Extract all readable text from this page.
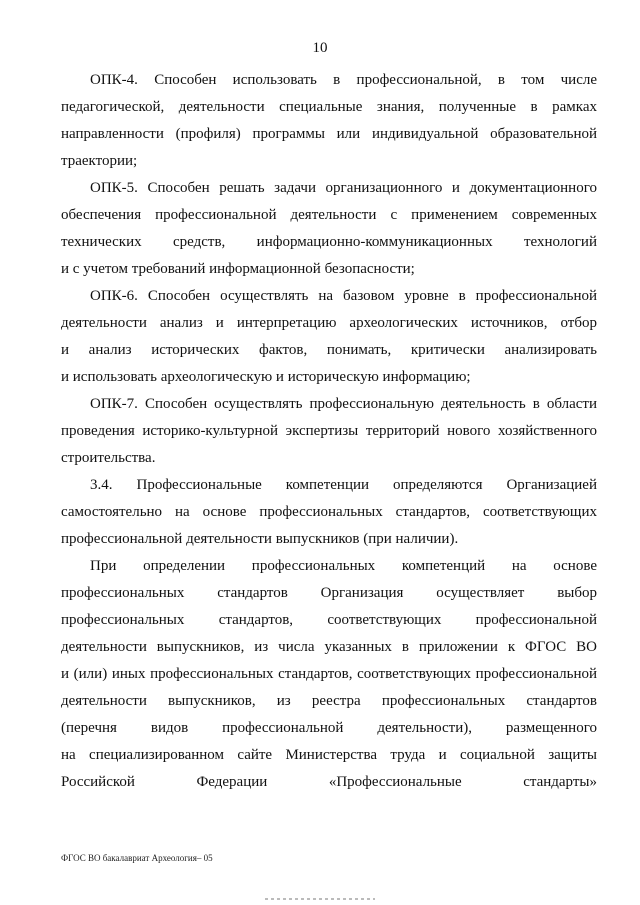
10
ОПК-4. Способен использовать в профессиональной, в том числе
педагогической, деятельности специальные знания, полученные в рамках
направленности (профиля) программы или индивидуальной образовательной
траектории;
ОПК-5. Способен решать задачи организационного и документационного
обеспечения профессиональной деятельности с применением современных
технических средств, информационно-коммуникационных технологий
и с учетом требований информационной безопасности;
ОПК-6. Способен осуществлять на базовом уровне в профессиональной
деятельности анализ и интерпретацию археологических источников, отбор
и анализ исторических фактов, понимать, критически анализировать
и использовать археологическую и историческую информацию;
ОПК-7. Способен осуществлять профессиональную деятельность в области
проведения историко-культурной экспертизы территорий нового хозяйственного
строительства.
3.4. Профессиональные компетенции определяются Организацией
самостоятельно на основе профессиональных стандартов, соответствующих
профессиональной деятельности выпускников (при наличии).
При определении профессиональных компетенций на основе
профессиональных стандартов Организация осуществляет выбор
профессиональных стандартов, соответствующих профессиональной
деятельности выпускников, из числа указанных в приложении к ФГОС ВО
и (или) иных профессиональных стандартов, соответствующих профессиональной
деятельности выпускников, из реестра профессиональных стандартов
(перечня видов профессиональной деятельности), размещенного
на специализированном сайте Министерства труда и социальной защиты
Российской Федерации «Профессиональные стандарты»
ФГОС ВО бакалавриат Археология– 05
